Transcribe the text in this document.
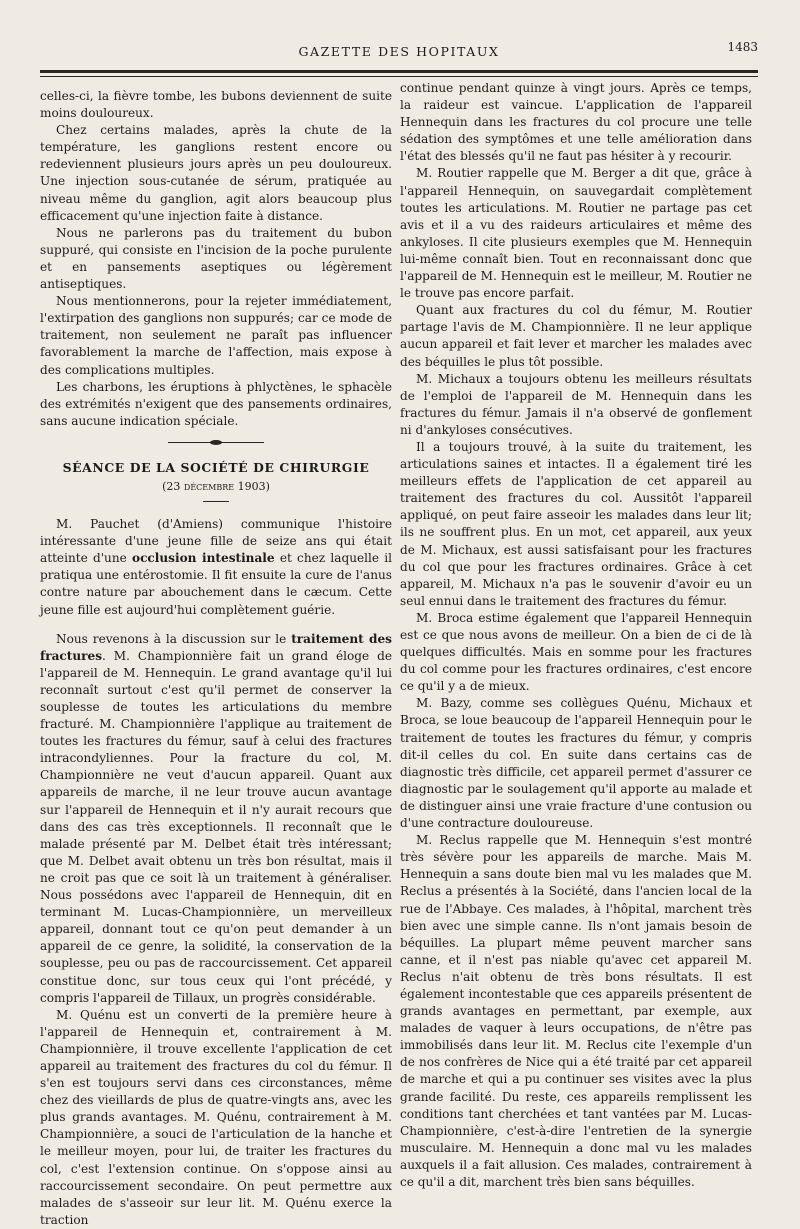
GAZETTE DES HOPITAUX	1483

celles-ci, la fièvre tombe, les bubons deviennent de suite moins douloureux.

Chez certains malades, après la chute de la température, les ganglions restent encore ou redeviennent plusieurs jours après un peu douloureux. Une injection sous-cutanée de sérum, pratiquée au niveau même du ganglion, agit alors beaucoup plus efficacement qu'une injection faite à distance.

Nous ne parlerons pas du traitement du bubon suppuré, qui consiste en l'incision de la poche purulente et en pansements aseptiques ou légèrement antiseptiques.

Nous mentionnerons, pour la rejeter immédiatement, l'extirpation des ganglions non suppurés; car ce mode de traitement, non seulement ne paraît pas influencer favorablement la marche de l'affection, mais expose à des complications multiples.

Les charbons, les éruptions à phlyctènes, le sphacèle des extrémités n'exigent que des pansements ordinaires, sans aucune indication spéciale.

SÉANCE DE LA SOCIÉTÉ DE CHIRURGIE
(23 décembre 1903)

M. Pauchet (d'Amiens) communique l'histoire intéressante d'une jeune fille de seize ans qui était atteinte d'une occlusion intestinale et chez laquelle il pratiqua une entérostomie. Il fit ensuite la cure de l'anus contre nature par abouchement dans le cæcum. Cette jeune fille est aujourd'hui complètement guérie.

Nous revenons à la discussion sur le traitement des fractures. M. Championnière fait un grand éloge de l'appareil de M. Hennequin. Le grand avantage qu'il lui reconnaît surtout c'est qu'il permet de conserver la souplesse de toutes les articulations du membre fracturé. M. Championnière l'applique au traitement de toutes les fractures du fémur, sauf à celui des fractures intracondyliennes. Pour la fracture du col, M. Championnière ne veut d'aucun appareil. Quant aux appareils de marche, il ne leur trouve aucun avantage sur l'appareil de Hennequin et il n'y aurait recours que dans des cas très exceptionnels. Il reconnaît que le malade présenté par M. Delbet était très intéressant; que M. Delbet avait obtenu un très bon résultat, mais il ne croit pas que ce soit là un traitement à généraliser. Nous possédons avec l'appareil de Hennequin, dit en terminant M. Lucas-Championnière, un merveilleux appareil, donnant tout ce qu'on peut demander à un appareil de ce genre, la solidité, la conservation de la souplesse, peu ou pas de raccourcissement. Cet appareil constitue donc, sur tous ceux qui l'ont précédé, y compris l'appareil de Tillaux, un progrès considérable.

M. Quénu est un converti de la première heure à l'appareil de Hennequin et, contrairement à M. Championnière, il trouve excellente l'application de cet appareil au traitement des fractures du col du fémur. Il s'en est toujours servi dans ces circonstances, même chez des vieillards de plus de quatre-vingts ans, avec les plus grands avantages. M. Quénu, contrairement à M. Championnière, a souci de l'articulation de la hanche et le meilleur moyen, pour lui, de traiter les fractures du col, c'est l'extension continue. On s'oppose ainsi au raccourcissement secondaire. On peut permettre aux malades de s'asseoir sur leur lit. M. Quénu exerce la traction

continue pendant quinze à vingt jours. Après ce temps, la raideur est vaincue. L'application de l'appareil Hennequin dans les fractures du col procure une telle sédation des symptômes et une telle amélioration dans l'état des blessés qu'il ne faut pas hésiter à y recourir.

M. Routier rappelle que M. Berger a dit que, grâce à l'appareil Hennequin, on sauvegardait complètement toutes les articulations. M. Routier ne partage pas cet avis et il a vu des raideurs articulaires et même des ankyloses. Il cite plusieurs exemples que M. Hennequin lui-même connaît bien. Tout en reconnaissant donc que l'appareil de M. Hennequin est le meilleur, M. Routier ne le trouve pas encore parfait.

Quant aux fractures du col du fémur, M. Routier partage l'avis de M. Championnière. Il ne leur applique aucun appareil et fait lever et marcher les malades avec des béquilles le plus tôt possible.

M. Michaux a toujours obtenu les meilleurs résultats de l'emploi de l'appareil de M. Hennequin dans les fractures du fémur. Jamais il n'a observé de gonflement ni d'ankyloses consécutives.

Il a toujours trouvé, à la suite du traitement, les articulations saines et intactes. Il a également tiré les meilleurs effets de l'application de cet appareil au traitement des fractures du col. Aussitôt l'appareil appliqué, on peut faire asseoir les malades dans leur lit; ils ne souffrent plus. En un mot, cet appareil, aux yeux de M. Michaux, est aussi satisfaisant pour les fractures du col que pour les fractures ordinaires. Grâce à cet appareil, M. Michaux n'a pas le souvenir d'avoir eu un seul ennui dans le traitement des fractures du fémur.

M. Broca estime également que l'appareil Hennequin est ce que nous avons de meilleur. On a bien de ci de là quelques difficultés. Mais en somme pour les fractures du col comme pour les fractures ordinaires, c'est encore ce qu'il y a de mieux.

M. Bazy, comme ses collègues Quénu, Michaux et Broca, se loue beaucoup de l'appareil Hennequin pour le traitement de toutes les fractures du fémur, y compris dit-il celles du col. En suite dans certains cas de diagnostic très difficile, cet appareil permet d'assurer ce diagnostic par le soulagement qu'il apporte au malade et de distinguer ainsi une vraie fracture d'une contusion ou d'une contracture douloureuse.

M. Reclus rappelle que M. Hennequin s'est montré très sévère pour les appareils de marche. Mais M. Hennequin a sans doute bien mal vu les malades que M. Reclus a présentés à la Société, dans l'ancien local de la rue de l'Abbaye. Ces malades, à l'hôpital, marchent très bien avec une simple canne. Ils n'ont jamais besoin de béquilles. La plupart même peuvent marcher sans canne, et il n'est pas niable qu'avec cet appareil M. Reclus n'ait obtenu de très bons résultats. Il est également incontestable que ces appareils présentent de grands avantages en permettant, par exemple, aux malades de vaquer à leurs occupations, de n'être pas immobilisés dans leur lit. M. Reclus cite l'exemple d'un de nos confrères de Nice qui a été traité par cet appareil de marche et qui a pu continuer ses visites avec la plus grande facilité. Du reste, ces appareils remplissent les conditions tant cherchées et tant vantées par M. Lucas-Championnière, c'est-à-dire l'entretien de la synergie musculaire. M. Hennequin a donc mal vu les malades auxquels il a fait allusion. Ces malades, contrairement à ce qu'il a dit, marchent très bien sans béquilles.
